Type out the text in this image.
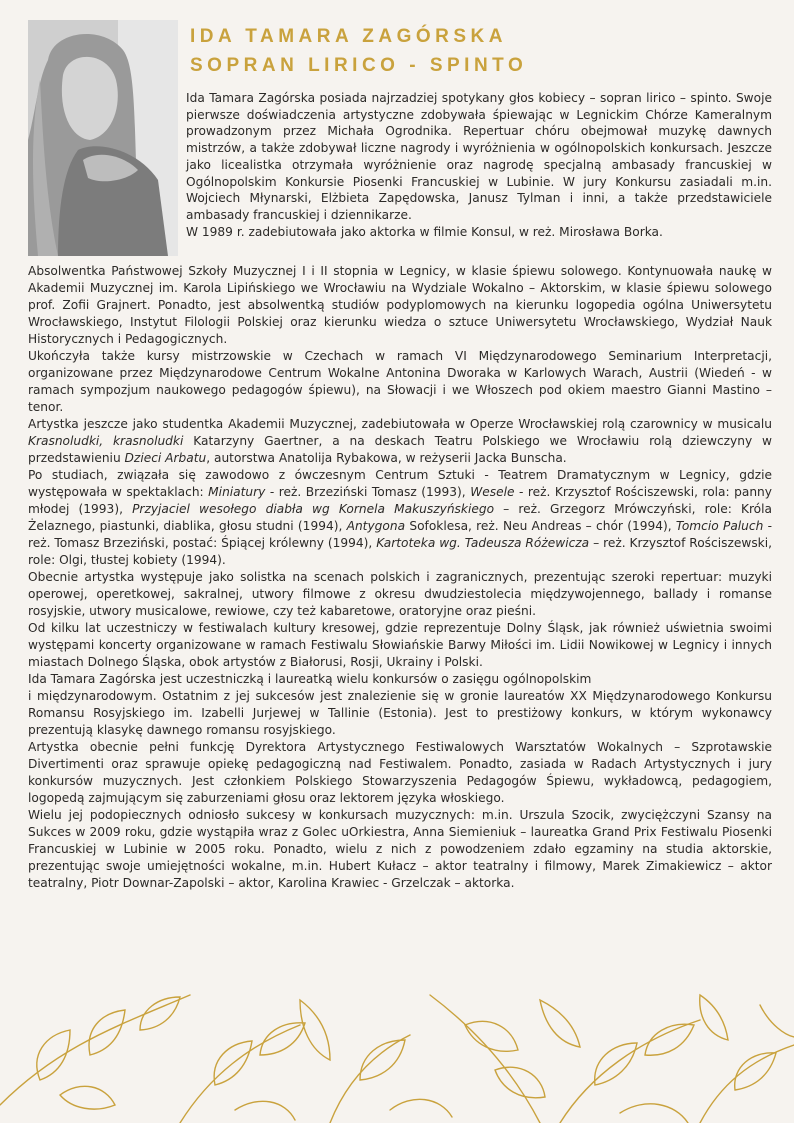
IDA TAMARA ZAGÓRSKA
SOPRAN LIRICO - SPINTO

Ida Tamara Zagórska posiada najrzadziej spotykany głos kobiecy – sopran lirico – spinto. Swoje pierwsze doświadczenia artystyczne zdobywała śpiewając w Legnickim Chórze Kameralnym prowadzonym przez Michała Ogrodnika. Repertuar chóru obejmował muzykę dawnych mistrzów, a także zdobywał liczne nagrody i wyróżnienia w ogólnopolskich konkursach. Jeszcze jako licealistka otrzymała wyróżnienie oraz nagrodę specjalną ambasady francuskiej w Ogólnopolskim Konkursie Piosenki Francuskiej w Lubinie. W jury Konkursu zasiadali m.in. Wojciech Młynarski, Elżbieta Zapędowska, Janusz Tylman i inni, a także przedstawiciele ambasady francuskiej i dziennikarze.

W 1989 r. zadebiutowała jako aktorka w filmie Konsul, w reż. Mirosława Borka.

Absolwentka Państwowej Szkoły Muzycznej I i II stopnia w Legnicy, w klasie śpiewu solowego. Kontynuowała naukę w Akademii Muzycznej im. Karola Lipińskiego we Wrocławiu na Wydziale Wokalno – Aktorskim, w klasie śpiewu solowego prof. Zofii Grajnert. Ponadto, jest absolwentką studiów podyplomowych na kierunku logopedia ogólna Uniwersytetu Wrocławskiego, Instytut Filologii Polskiej oraz kierunku wiedza o sztuce Uniwersytetu Wrocławskiego, Wydział Nauk Historycznych i Pedagogicznych.

Ukończyła także kursy mistrzowskie w Czechach w ramach VI Międzynarodowego Seminarium Interpretacji, organizowane przez Międzynarodowe Centrum Wokalne Antonina Dworaka w Karlowych Warach, Austrii (Wiedeń - w ramach sympozjum naukowego pedagogów śpiewu), na Słowacji i we Włoszech pod okiem maestro Gianni Mastino – tenor.

Artystka jeszcze jako studentka Akademii Muzycznej, zadebiutowała w Operze Wrocławskiej rolą czarownicy w musicalu Krasnoludki, krasnoludki Katarzyny Gaertner, a na deskach Teatru Polskiego we Wrocławiu rolą dziewczyny w przedstawieniu Dzieci Arbatu, autorstwa Anatolija Rybakowa, w reżyserii Jacka Bunscha.

Po studiach, związała się zawodowo z ówczesnym Centrum Sztuki - Teatrem Dramatycznym w Legnicy, gdzie występowała w spektaklach: Miniatury - reż. Brzeziński Tomasz (1993), Wesele - reż. Krzysztof Rościszewski, rola: panny młodej (1993), Przyjaciel wesołego diabła wg Kornela Makuszyńskiego – reż. Grzegorz Mrówczyński, role: Króla Żelaznego, piastunki, diablika, głosu studni (1994), Antygona Sofoklesa, reż. Neu Andreas – chór (1994), Tomcio Paluch - reż. Tomasz Brzeziński, postać: Śpiącej królewny (1994), Kartoteka wg. Tadeusza Różewicza – reż. Krzysztof Rościszewski, role: Olgi, tłustej kobiety (1994).

Obecnie artystka występuje jako solistka na scenach polskich i zagranicznych, prezentując szeroki repertuar: muzyki operowej, operetkowej, sakralnej, utwory filmowe z okresu dwudziestolecia międzywojennego, ballady i romanse rosyjskie, utwory musicalowe, rewiowe, czy też kabaretowe, oratoryjne oraz pieśni.

Od kilku lat uczestniczy w festiwalach kultury kresowej, gdzie reprezentuje Dolny Śląsk, jak również uświetnia swoimi występami koncerty organizowane w ramach Festiwalu Słowiańskie Barwy Miłości im. Lidii Nowikowej w Legnicy i innych miastach Dolnego Śląska, obok artystów z Białorusi, Rosji, Ukrainy i Polski.

Ida Tamara Zagórska jest uczestniczką i laureatką wielu konkursów o zasięgu ogólnopolskim

i międzynarodowym. Ostatnim z jej sukcesów jest znalezienie się w gronie laureatów XX Międzynarodowego Konkursu Romansu Rosyjskiego im. Izabelli Jurjewej w Tallinie (Estonia). Jest to prestiżowy konkurs, w którym wykonawcy prezentują klasykę dawnego romansu rosyjskiego.

Artystka obecnie pełni funkcję Dyrektora Artystycznego Festiwalowych Warsztatów Wokalnych – Szprotawskie Divertimenti oraz sprawuje opiekę pedagogiczną nad Festiwalem. Ponadto, zasiada w Radach Artystycznych i jury konkursów muzycznych. Jest członkiem Polskiego Stowarzyszenia Pedagogów Śpiewu, wykładowcą, pedagogiem, logopedą zajmującym się zaburzeniami głosu oraz lektorem języka włoskiego.

Wielu jej podopiecznych odniosło sukcesy w konkursach muzycznych: m.in. Urszula Szocik, zwyciężczyni Szansy na Sukces w 2009 roku, gdzie wystąpiła wraz z Golec uOrkiestra, Anna Siemieniuk – laureatka Grand Prix Festiwalu Piosenki Francuskiej w Lubinie w 2005 roku. Ponadto, wielu z nich z powodzeniem zdało egzaminy na studia aktorskie, prezentując swoje umiejętności wokalne, m.in. Hubert Kułacz – aktor teatralny i filmowy, Marek Zimakiewicz – aktor teatralny, Piotr Downar-Zapolski – aktor, Karolina Krawiec - Grzelczak – aktorka.
